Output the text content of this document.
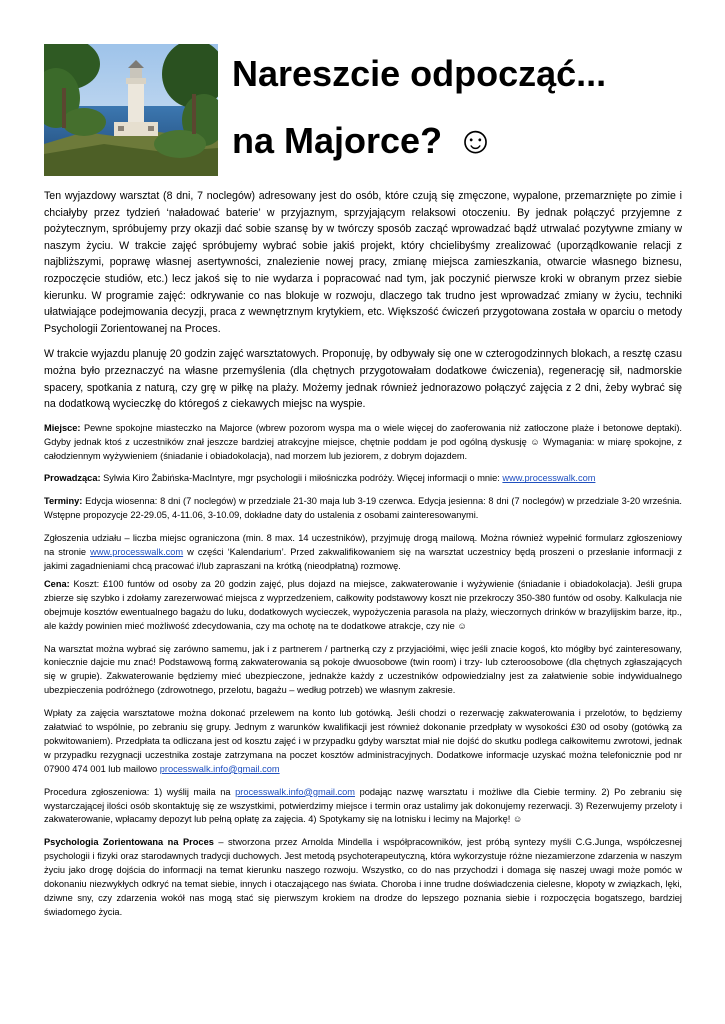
Nareszcie odpocząć...
na Majorce? ☺

Ten wyjazdowy warsztat (8 dni, 7 noclegów) adresowany jest do osób, które czują się zmęczone, wypalone, przemarznięte po zimie i chciałyby przez tydzień ‘naładować baterie’ w przyjaznym, sprzyjającym relaksowi otoczeniu. By jednak połączyć przyjemne z pożytecznym, spróbujemy przy okazji dać sobie szansę by w twórczy sposób zacząć wprowadzać bądź utrwalać pozytywne zmiany w naszym życiu. W trakcie zajęć spróbujemy wybrać sobie jakiś projekt, który chcielibyśmy zrealizować (uporządkowanie relacji z najbliższymi, poprawę własnej asertywności, znalezienie nowej pracy, zmianę miejsca zamieszkania, otwarcie własnego biznesu, rozpoczęcie studiów, etc.) lecz jakoś się to nie wydarza i popracować nad tym, jak poczynić pierwsze kroki w obranym przez siebie kierunku. W programie zajęć: odkrywanie co nas blokuje w rozwoju, dlaczego tak trudno jest wprowadzać zmiany w życiu, techniki ułatwiające podejmowania decyzji, praca z wewnętrznym krytykiem, etc. Większość ćwiczeń przygotowana została w oparciu o metody Psychologii Zorientowanej na Proces.

W trakcie wyjazdu planuję 20 godzin zajęć warsztatowych. Proponuję, by odbywały się one w czterogodzinnych blokach, a resztę czasu można było przeznaczyć na własne przemyślenia (dla chętnych przygotowałam dodatkowe ćwiczenia), regenerację sił, nadmorskie spacery, spotkania z naturą, czy grę w piłkę na plaży. Możemy jednak również jednorazowo połączyć zajęcia z 2 dni, żeby wybrać się na dodatkową wycieczkę do któregoś z ciekawych miejsc na wyspie.

Miejsce: Pewne spokojne miasteczko na Majorce (wbrew pozorom wyspa ma o wiele więcej do zaoferowania niż zatłoczone plaże i betonowe deptaki). Gdyby jednak ktoś z uczestników znał jeszcze bardziej atrakcyjne miejsce, chętnie poddam je pod ogólną dyskusję ☺ Wymagania: w miarę spokojne, z całodziennym wyżywieniem (śniadanie i obiadokolacja), nad morzem lub jeziorem, z dobrym dojazdem.

Prowadząca: Sylwia Kiro Żabińska-MacIntyre, mgr psychologii i miłośniczka podróży. Więcej informacji o mnie: www.processwalk.com

Terminy: Edycja wiosenna: 8 dni (7 noclegów) w przedziale 21-30 maja lub 3-19 czerwca. Edycja jesienna: 8 dni (7 noclegów) w przedziale 3-20 września. Wstępne propozycje 22-29.05, 4-11.06, 3-10.09, dokładne daty do ustalenia z osobami zainteresowanymi.

Zgłoszenia udziału – liczba miejsc ograniczona (min. 8 max. 14 uczestników), przyjmuję drogą mailową. Można również wypełnić formularz zgłoszeniowy na stronie www.processwalk.com w części ‘Kalendarium’. Przed zakwalifikowaniem się na warsztat uczestnicy będą proszeni o przesłanie informacji z jakimi zagadnieniami chcą pracować i/lub zapraszani na krótką (nieodpłatną) rozmowę.

Cena: Koszt: £100 funtów od osoby za 20 godzin zajęć, plus dojazd na miejsce, zakwaterowanie i wyżywienie (śniadanie i obiadokolacja). Jeśli grupa zbierze się szybko i zdołamy zarezerwować miejsca z wyprzedzeniem, całkowity podstawowy koszt nie przekroczy 350-380 funtów od osoby. Kalkulacja nie obejmuje kosztów ewentualnego bagażu do luku, dodatkowych wycieczek, wypożyczenia parasola na plaży, wieczornych drinków w brazylijskim barze, itp., ale każdy powinien mieć możliwość zdecydowania, czy ma ochotę na te dodatkowe atrakcje, czy nie ☺

Na warsztat można wybrać się zarówno samemu, jak i z partnerem / partnerką czy z przyjaciółmi, więc jeśli znacie kogoś, kto mógłby być zainteresowany, koniecznie dajcie mu znać! Podstawową formą zakwaterowania są pokoje dwuosobowe (twin room) i trzy- lub czteroosobowe (dla chętnych zgłaszających się w grupie). Zakwaterowanie będziemy mieć ubezpieczone, jednakże każdy z uczestników odpowiedzialny jest za załatwienie sobie indywidualnego ubezpieczenia podróżnego (zdrowotnego, przelotu, bagażu – według potrzeb) we własnym zakresie.

Wpłaty za zajęcia warsztatowe można dokonać przelewem na konto lub gotówką. Jeśli chodzi o rezerwację zakwaterowania i przelotów, to będziemy załatwiać to wspólnie, po zebraniu się grupy. Jednym z warunków kwalifikacji jest również dokonanie przedpłaty w wysokości £30 od osoby (gotówką za pokwitowaniem). Przedpłata ta odliczana jest od kosztu zajęć i w przypadku gdyby warsztat miał nie dojść do skutku podlega całkowitemu zwrotowi, jednak w przypadku rezygnacji uczestnika zostaje zatrzymana na poczet kosztów administracyjnych. Dodatkowe informacje uzyskać można telefonicznie pod nr 07900 474 001 lub mailowo processwalk.info@gmail.com

Procedura zgłoszeniowa: 1) wyślij maila na processwalk.info@gmail.com podając nazwę warsztatu i możliwe dla Ciebie terminy. 2) Po zebraniu się wystarczającej ilości osób skontaktuję się ze wszystkimi, potwierdzimy miejsce i termin oraz ustalimy jak dokonujemy rezerwacji. 3) Rezerwujemy przeloty i zakwaterowanie, wpłacamy depozyt lub pełną opłatę za zajęcia. 4) Spotykamy się na lotnisku i lecimy na Majorkę! ☺

Psychologia Zorientowana na Proces – stworzona przez Arnolda Mindella i współpracowników, jest próbą syntezy myśli C.G.Junga, współczesnej psychologii i fizyki oraz starodawnych tradycji duchowych. Jest metodą psychoterapeutyczną, która wykorzystuje różne niezamierzone zdarzenia w naszym życiu jako drogę dojścia do informacji na temat kierunku naszego rozwoju. Wszystko, co do nas przychodzi i domaga się naszej uwagi może pomóc w dokonaniu niezwykłych odkryć na temat siebie, innych i otaczającego nas świata. Choroba i inne trudne doświadczenia cielesne, kłopoty w związkach, lęki, dziwne sny, czy zdarzenia wokół nas mogą stać się pierwszym krokiem na drodze do lepszego poznania siebie i rozpoczęcia bogatszego, bardziej świadomego życia.
